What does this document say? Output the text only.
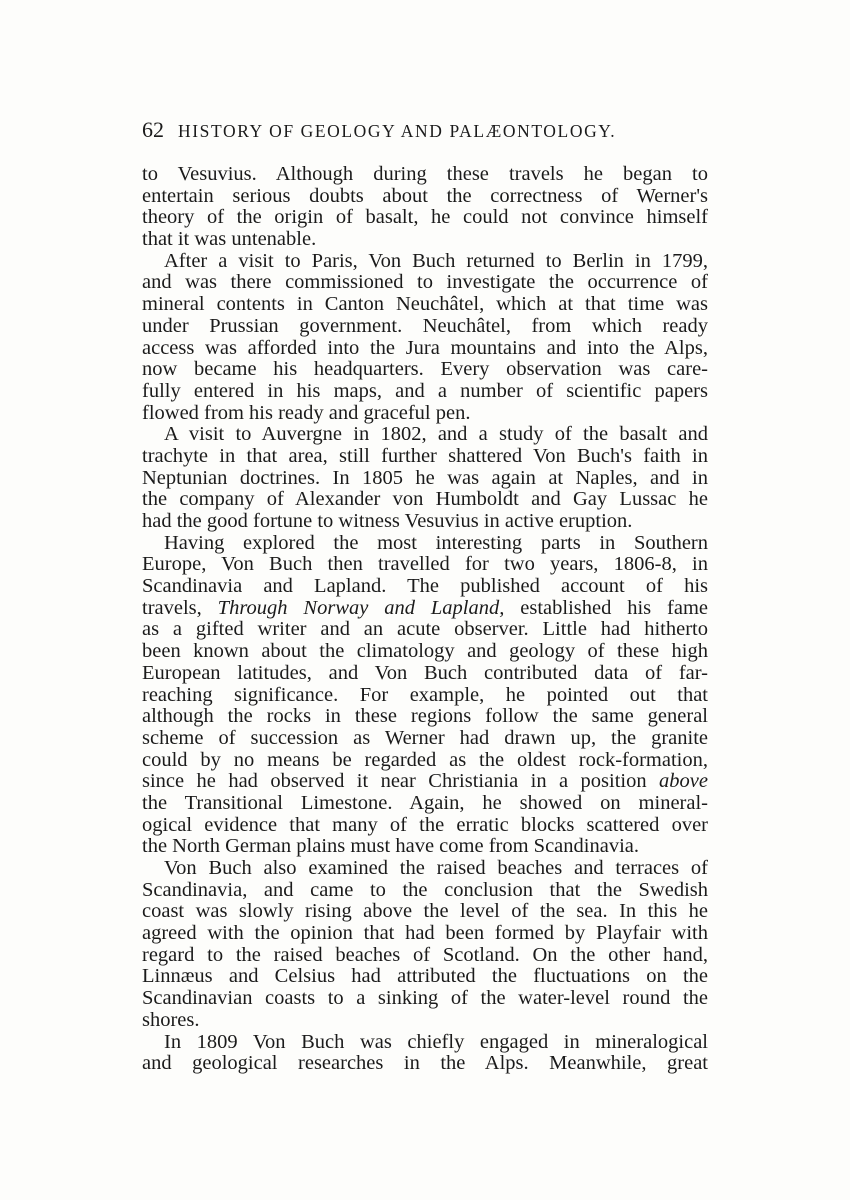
62 HISTORY OF GEOLOGY AND PALÆONTOLOGY.
to Vesuvius. Although during these travels he began to
entertain serious doubts about the correctness of Werner's
theory of the origin of basalt, he could not convince himself
that it was untenable.
After a visit to Paris, Von Buch returned to Berlin in 1799,
and was there commissioned to investigate the occurrence of
mineral contents in Canton Neuchâtel, which at that time was
under Prussian government. Neuchâtel, from which ready
access was afforded into the Jura mountains and into the Alps,
now became his headquarters. Every observation was care-
fully entered in his maps, and a number of scientific papers
flowed from his ready and graceful pen.
A visit to Auvergne in 1802, and a study of the basalt and
trachyte in that area, still further shattered Von Buch's faith in
Neptunian doctrines. In 1805 he was again at Naples, and in
the company of Alexander von Humboldt and Gay Lussac he
had the good fortune to witness Vesuvius in active eruption.
Having explored the most interesting parts in Southern
Europe, Von Buch then travelled for two years, 1806-8, in
Scandinavia and Lapland. The published account of his
travels, Through Norway and Lapland, established his fame
as a gifted writer and an acute observer. Little had hitherto
been known about the climatology and geology of these high
European latitudes, and Von Buch contributed data of far-
reaching significance. For example, he pointed out that
although the rocks in these regions follow the same general
scheme of succession as Werner had drawn up, the granite
could by no means be regarded as the oldest rock-formation,
since he had observed it near Christiania in a position above
the Transitional Limestone. Again, he showed on mineral-
ogical evidence that many of the erratic blocks scattered over
the North German plains must have come from Scandinavia.
Von Buch also examined the raised beaches and terraces of
Scandinavia, and came to the conclusion that the Swedish
coast was slowly rising above the level of the sea. In this he
agreed with the opinion that had been formed by Playfair with
regard to the raised beaches of Scotland. On the other hand,
Linnæus and Celsius had attributed the fluctuations on the
Scandinavian coasts to a sinking of the water-level round the
shores.
In 1809 Von Buch was chiefly engaged in mineralogical
and geological researches in the Alps. Meanwhile, great
